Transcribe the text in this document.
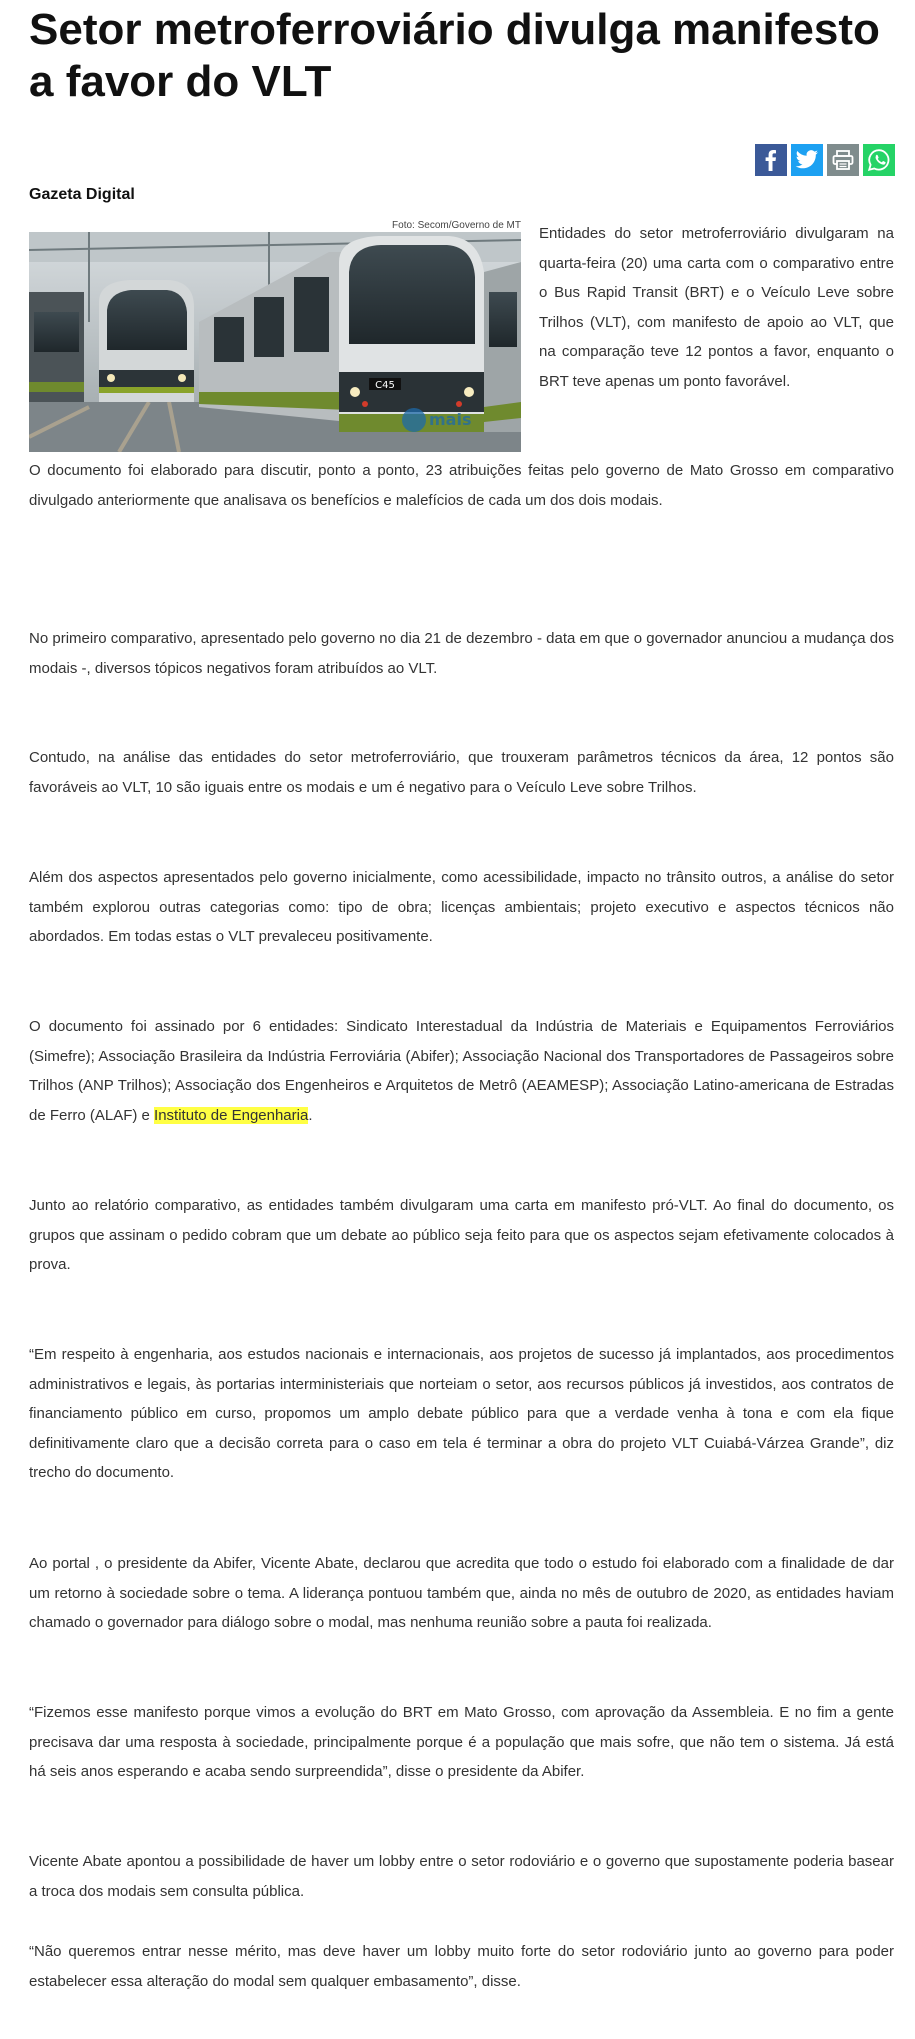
Setor metroferroviário divulga manifesto a favor do VLT

Gazeta Digital

Foto: Secom/Governo de MT
C45
mais

Entidades do setor metroferroviário divulgaram na quarta-feira (20) uma carta com o comparativo entre o Bus Rapid Transit (BRT) e o Veículo Leve sobre Trilhos (VLT), com manifesto de apoio ao VLT, que na comparação teve 12 pontos a favor, enquanto o BRT teve apenas um ponto favorável.

O documento foi elaborado para discutir, ponto a ponto, 23 atribuições feitas pelo governo de Mato Grosso em comparativo divulgado anteriormente que analisava os benefícios e malefícios de cada um dos dois modais.

No primeiro comparativo, apresentado pelo governo no dia 21 de dezembro - data em que o governador anunciou a mudança dos modais -, diversos tópicos negativos foram atribuídos ao VLT.

Contudo, na análise das entidades do setor metroferroviário, que trouxeram parâmetros técnicos da área, 12 pontos são favoráveis ao VLT, 10 são iguais entre os modais e um é negativo para o Veículo Leve sobre Trilhos.

Além dos aspectos apresentados pelo governo inicialmente, como acessibilidade, impacto no trânsito outros, a análise do setor também explorou outras categorias como: tipo de obra; licenças ambientais; projeto executivo e aspectos técnicos não abordados. Em todas estas o VLT prevaleceu positivamente.

O documento foi assinado por 6 entidades: Sindicato Interestadual da Indústria de Materiais e Equipamentos Ferroviários (Simefre); Associação Brasileira da Indústria Ferroviária (Abifer); Associação Nacional dos Transportadores de Passageiros sobre Trilhos (ANP Trilhos); Associação dos Engenheiros e Arquitetos de Metrô (AEAMESP); Associação Latino-americana de Estradas de Ferro (ALAF) e Instituto de Engenharia.

Junto ao relatório comparativo, as entidades também divulgaram uma carta em manifesto pró-VLT. Ao final do documento, os grupos que assinam o pedido cobram que um debate ao público seja feito para que os aspectos sejam efetivamente colocados à prova.

“Em respeito à engenharia, aos estudos nacionais e internacionais, aos projetos de sucesso já implantados, aos procedimentos administrativos e legais, às portarias interministeriais que norteiam o setor, aos recursos públicos já investidos, aos contratos de financiamento público em curso, propomos um amplo debate público para que a verdade venha à tona e com ela fique definitivamente claro que a decisão correta para o caso em tela é terminar a obra do projeto VLT Cuiabá-Várzea Grande”, diz trecho do documento.

Ao portal , o presidente da Abifer, Vicente Abate, declarou que acredita que todo o estudo foi elaborado com a finalidade de dar um retorno à sociedade sobre o tema. A liderança pontuou também que, ainda no mês de outubro de 2020, as entidades haviam chamado o governador para diálogo sobre o modal, mas nenhuma reunião sobre a pauta foi realizada.

“Fizemos esse manifesto porque vimos a evolução do BRT em Mato Grosso, com aprovação da Assembleia. E no fim a gente precisava dar uma resposta à sociedade, principalmente porque é a população que mais sofre, que não tem o sistema. Já está há seis anos esperando e acaba sendo surpreendida”, disse o presidente da Abifer.

Vicente Abate apontou a possibilidade de haver um lobby entre o setor rodoviário e o governo que supostamente poderia basear a troca dos modais sem consulta pública.

“Não queremos entrar nesse mérito, mas deve haver um lobby muito forte do setor rodoviário junto ao governo para poder estabelecer essa alteração do modal sem qualquer embasamento”, disse.
